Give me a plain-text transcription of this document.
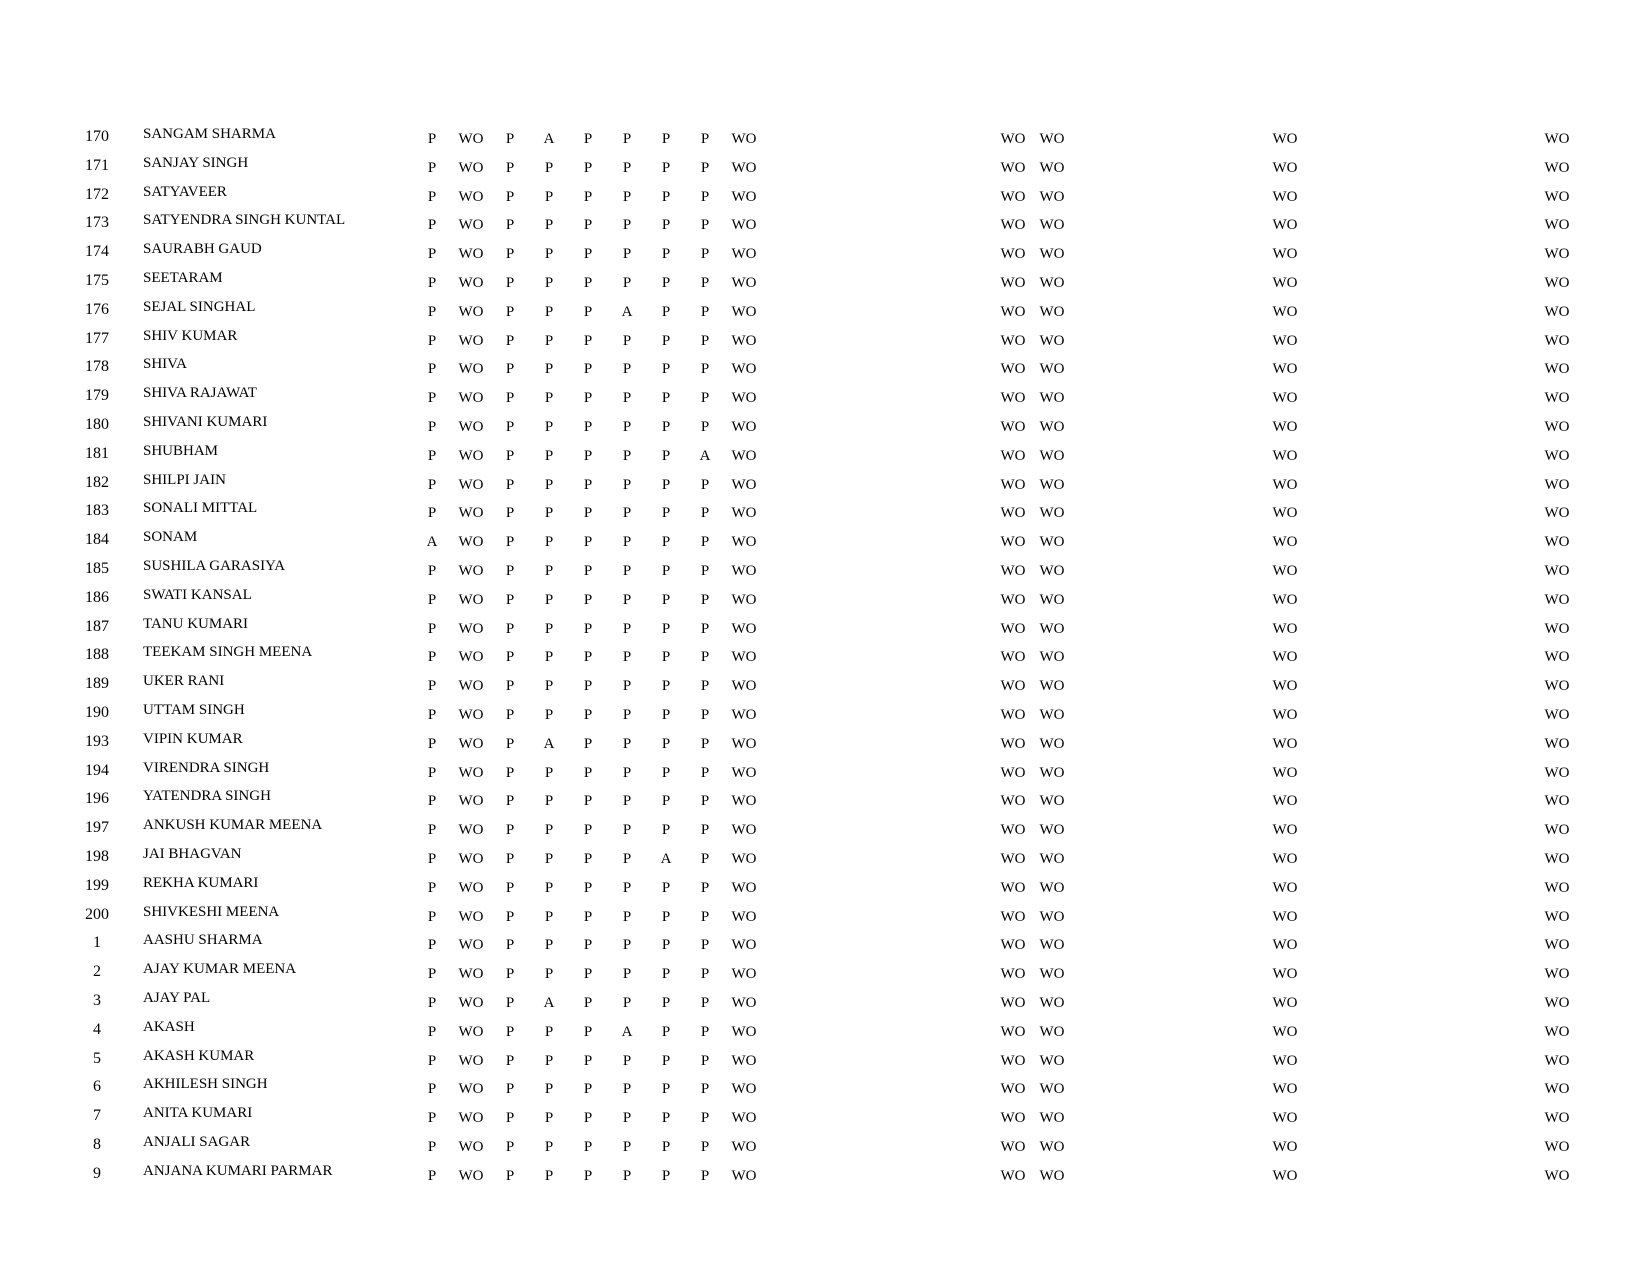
170	SANGAM SHARMA	P	WO	P	A	P	P	P	P	WO	WO WO	WO	WO
171	SANJAY SINGH	P	WO	P	P	P	P	P	P	WO	WO WO	WO	WO
172	SATYAVEER	P	WO	P	P	P	P	P	P	WO	WO WO	WO	WO
173	SATYENDRA SINGH KUNTAL	P	WO	P	P	P	P	P	P	WO	WO WO	WO	WO
174	SAURABH GAUD	P	WO	P	P	P	P	P	P	WO	WO WO	WO	WO
175	SEETARAM	P	WO	P	P	P	P	P	P	WO	WO WO	WO	WO
176	SEJAL SINGHAL	P	WO	P	P	P	A	P	P	WO	WO WO	WO	WO
177	SHIV KUMAR	P	WO	P	P	P	P	P	P	WO	WO WO	WO	WO
178	SHIVA	P	WO	P	P	P	P	P	P	WO	WO WO	WO	WO
179	SHIVA RAJAWAT	P	WO	P	P	P	P	P	P	WO	WO WO	WO	WO
180	SHIVANI KUMARI	P	WO	P	P	P	P	P	P	WO	WO WO	WO	WO
181	SHUBHAM	P	WO	P	P	P	P	P	A	WO	WO WO	WO	WO
182	SHILPI JAIN	P	WO	P	P	P	P	P	P	WO	WO WO	WO	WO
183	SONALI MITTAL	P	WO	P	P	P	P	P	P	WO	WO WO	WO	WO
184	SONAM	A	WO	P	P	P	P	P	P	WO	WO WO	WO	WO
185	SUSHILA GARASIYA	P	WO	P	P	P	P	P	P	WO	WO WO	WO	WO
186	SWATI KANSAL	P	WO	P	P	P	P	P	P	WO	WO WO	WO	WO
187	TANU KUMARI	P	WO	P	P	P	P	P	P	WO	WO WO	WO	WO
188	TEEKAM SINGH MEENA	P	WO	P	P	P	P	P	P	WO	WO WO	WO	WO
189	UKER RANI	P	WO	P	P	P	P	P	P	WO	WO WO	WO	WO
190	UTTAM SINGH	P	WO	P	P	P	P	P	P	WO	WO WO	WO	WO
193	VIPIN KUMAR	P	WO	P	A	P	P	P	P	WO	WO WO	WO	WO
194	VIRENDRA SINGH	P	WO	P	P	P	P	P	P	WO	WO WO	WO	WO
196	YATENDRA SINGH	P	WO	P	P	P	P	P	P	WO	WO WO	WO	WO
197	ANKUSH KUMAR MEENA	P	WO	P	P	P	P	P	P	WO	WO WO	WO	WO
198	JAI BHAGVAN	P	WO	P	P	P	P	A	P	WO	WO WO	WO	WO
199	REKHA KUMARI	P	WO	P	P	P	P	P	P	WO	WO WO	WO	WO
200	SHIVKESHI MEENA	P	WO	P	P	P	P	P	P	WO	WO WO	WO	WO
1	AASHU SHARMA	P	WO	P	P	P	P	P	P	WO	WO WO	WO	WO
2	AJAY KUMAR MEENA	P	WO	P	P	P	P	P	P	WO	WO WO	WO	WO
3	AJAY PAL	P	WO	P	A	P	P	P	P	WO	WO WO	WO	WO
4	AKASH	P	WO	P	P	P	A	P	P	WO	WO WO	WO	WO
5	AKASH KUMAR	P	WO	P	P	P	P	P	P	WO	WO WO	WO	WO
6	AKHILESH SINGH	P	WO	P	P	P	P	P	P	WO	WO WO	WO	WO
7	ANITA KUMARI	P	WO	P	P	P	P	P	P	WO	WO WO	WO	WO
8	ANJALI SAGAR	P	WO	P	P	P	P	P	P	WO	WO WO	WO	WO
9	ANJANA KUMARI PARMAR	P	WO	P	P	P	P	P	P	WO	WO WO	WO	WO
